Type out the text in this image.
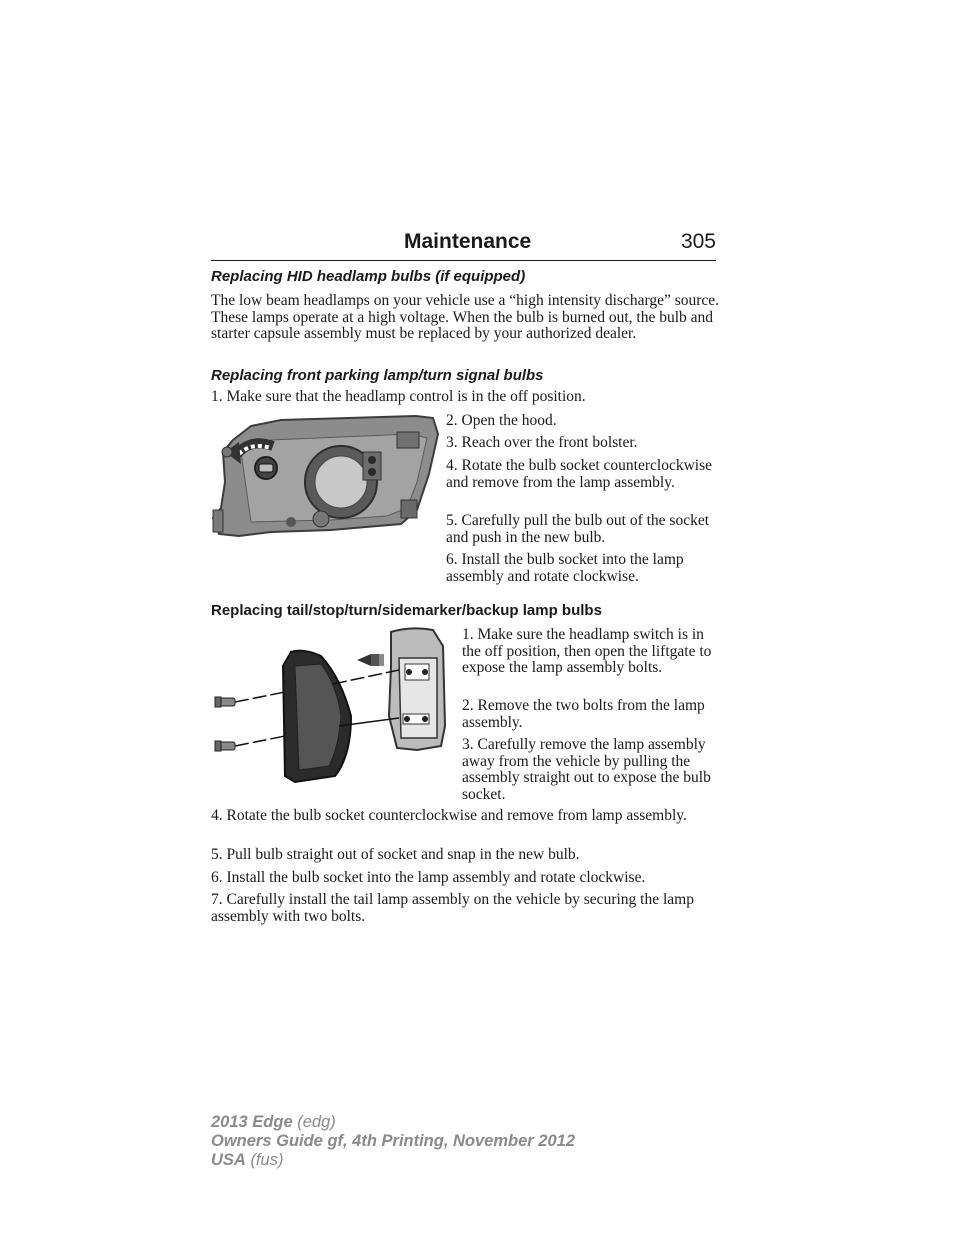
Maintenance	305
Replacing HID headlamp bulbs (if equipped)
The low beam headlamps on your vehicle use a “high intensity discharge” source. These lamps operate at a high voltage. When the bulb is burned out, the bulb and starter capsule assembly must be replaced by your authorized dealer.
Replacing front parking lamp/turn signal bulbs
1. Make sure that the headlamp control is in the off position.
2. Open the hood.
3. Reach over the front bolster.
4. Rotate the bulb socket counterclockwise and remove from the lamp assembly.
5. Carefully pull the bulb out of the socket and push in the new bulb.
6. Install the bulb socket into the lamp assembly and rotate clockwise.
Replacing tail/stop/turn/sidemarker/backup lamp bulbs
1. Make sure the headlamp switch is in the off position, then open the liftgate to expose the lamp assembly bolts.
2. Remove the two bolts from the lamp assembly.
3. Carefully remove the lamp assembly away from the vehicle by pulling the assembly straight out to expose the bulb socket.
4. Rotate the bulb socket counterclockwise and remove from lamp assembly.
5. Pull bulb straight out of socket and snap in the new bulb.
6. Install the bulb socket into the lamp assembly and rotate clockwise.
7. Carefully install the tail lamp assembly on the vehicle by securing the lamp assembly with two bolts.
2013 Edge (edg)
Owners Guide gf, 4th Printing, November 2012
USA (fus)
